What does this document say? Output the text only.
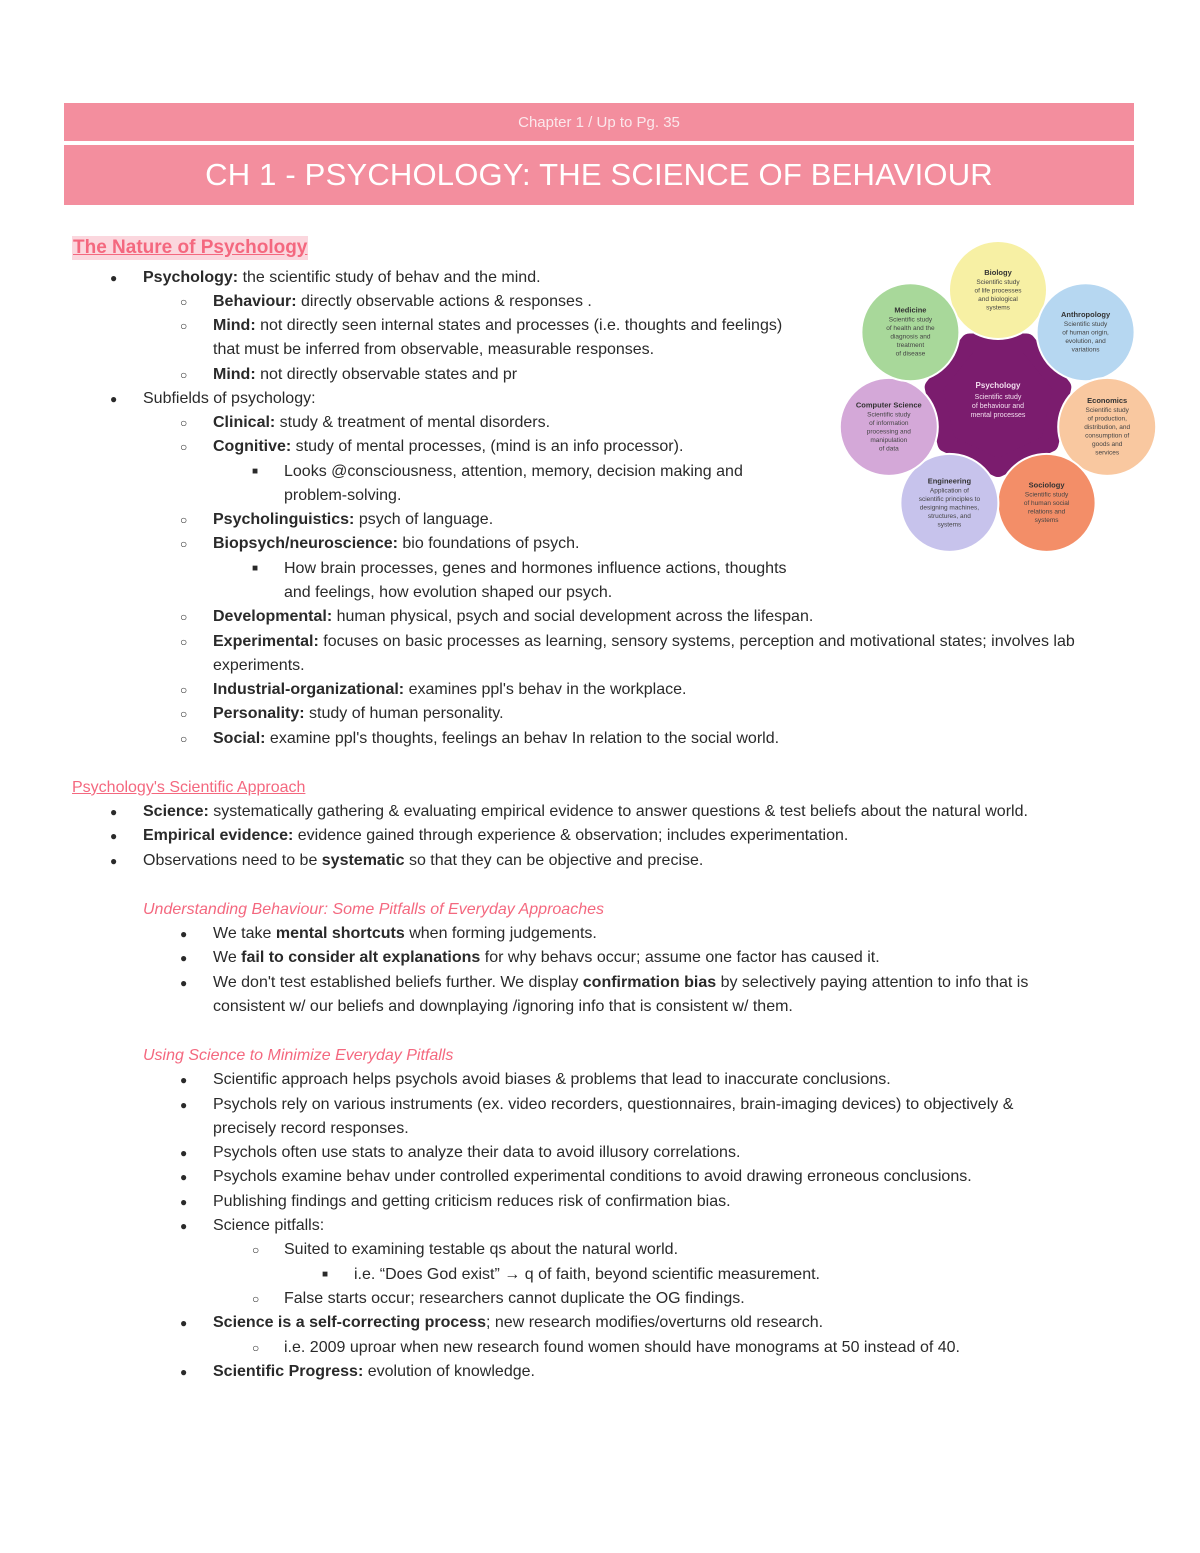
Chapter 1 / Up to Pg. 35
CH 1 - PSYCHOLOGY: THE SCIENCE OF BEHAVIOUR
The Nature of Psychology
● Psychology: the scientific study of behav and the mind.
○ Behaviour: directly observable actions & responses .
○ Mind: not directly seen internal states and processes (i.e. thoughts and feelings)
that must be inferred from observable, measurable responses.
○ Mind: not directly observable states and pr
● Subfields of psychology:
○ Clinical: study & treatment of mental disorders.
○ Cognitive: study of mental processes, (mind is an info processor).
■ Looks @consciousness, attention, memory, decision making and
problem-solving.
○ Psycholinguistics: psych of language.
○ Biopsych/neuroscience: bio foundations of psych.
■ How brain processes, genes and hormones influence actions, thoughts
and feelings, how evolution shaped our psych.
○ Developmental: human physical, psych and social development across the lifespan.
○ Experimental: focuses on basic processes as learning, sensory systems, perception and motivational states; involves lab
experiments.
○ Industrial-organizational: examines ppl's behav in the workplace.
○ Personality: study of human personality.
○ Social: examine ppl's thoughts, feelings an behav In relation to the social world.
Psychology's Scientific Approach
● Science: systematically gathering & evaluating empirical evidence to answer questions & test beliefs about the natural world.
● Empirical evidence: evidence gained through experience & observation; includes experimentation.
● Observations need to be systematic so that they can be objective and precise.
Understanding Behaviour: Some Pitfalls of Everyday Approaches
● We take mental shortcuts when forming judgements.
● We fail to consider alt explanations for why behavs occur; assume one factor has caused it.
● We don't test established beliefs further. We display confirmation bias by selectively paying attention to info that is
consistent w/ our beliefs and downplaying /ignoring info that is consistent w/ them.
Using Science to Minimize Everyday Pitfalls
● Scientific approach helps psychols avoid biases & problems that lead to inaccurate conclusions.
● Psychols rely on various instruments (ex. video recorders, questionnaires, brain-imaging devices) to objectively &
precisely record responses.
● Psychols often use stats to analyze their data to avoid illusory correlations.
● Psychols examine behav under controlled experimental conditions to avoid drawing erroneous conclusions.
● Publishing findings and getting criticism reduces risk of confirmation bias.
● Science pitfalls:
○ Suited to examining testable qs about the natural world.
■ i.e. “Does God exist” → q of faith, beyond scientific measurement.
○ False starts occur; researchers cannot duplicate the OG findings.
● Science is a self-correcting process; new research modifies/overturns old research.
○ i.e. 2009 uproar when new research found women should have monograms at 50 instead of 40.
● Scientific Progress: evolution of knowledge.
Psychology
Scientific study
of behaviour and
mental processes
Biology
Scientific study
of life processes
and biological
systems
Anthropology
Scientific study
of human origin,
evolution, and
variations
Economics
Scientific study
of production,
distribution, and
consumption of
goods and
services
Sociology
Scientific study
of human social
relations and
systems
Engineering
Application of
scientific principles to
designing machines,
structures, and
systems
Computer Science
Scientific study
of information
processing and
manipulation
of data
Medicine
Scientific study
of health and the
diagnosis and
treatment
of disease
